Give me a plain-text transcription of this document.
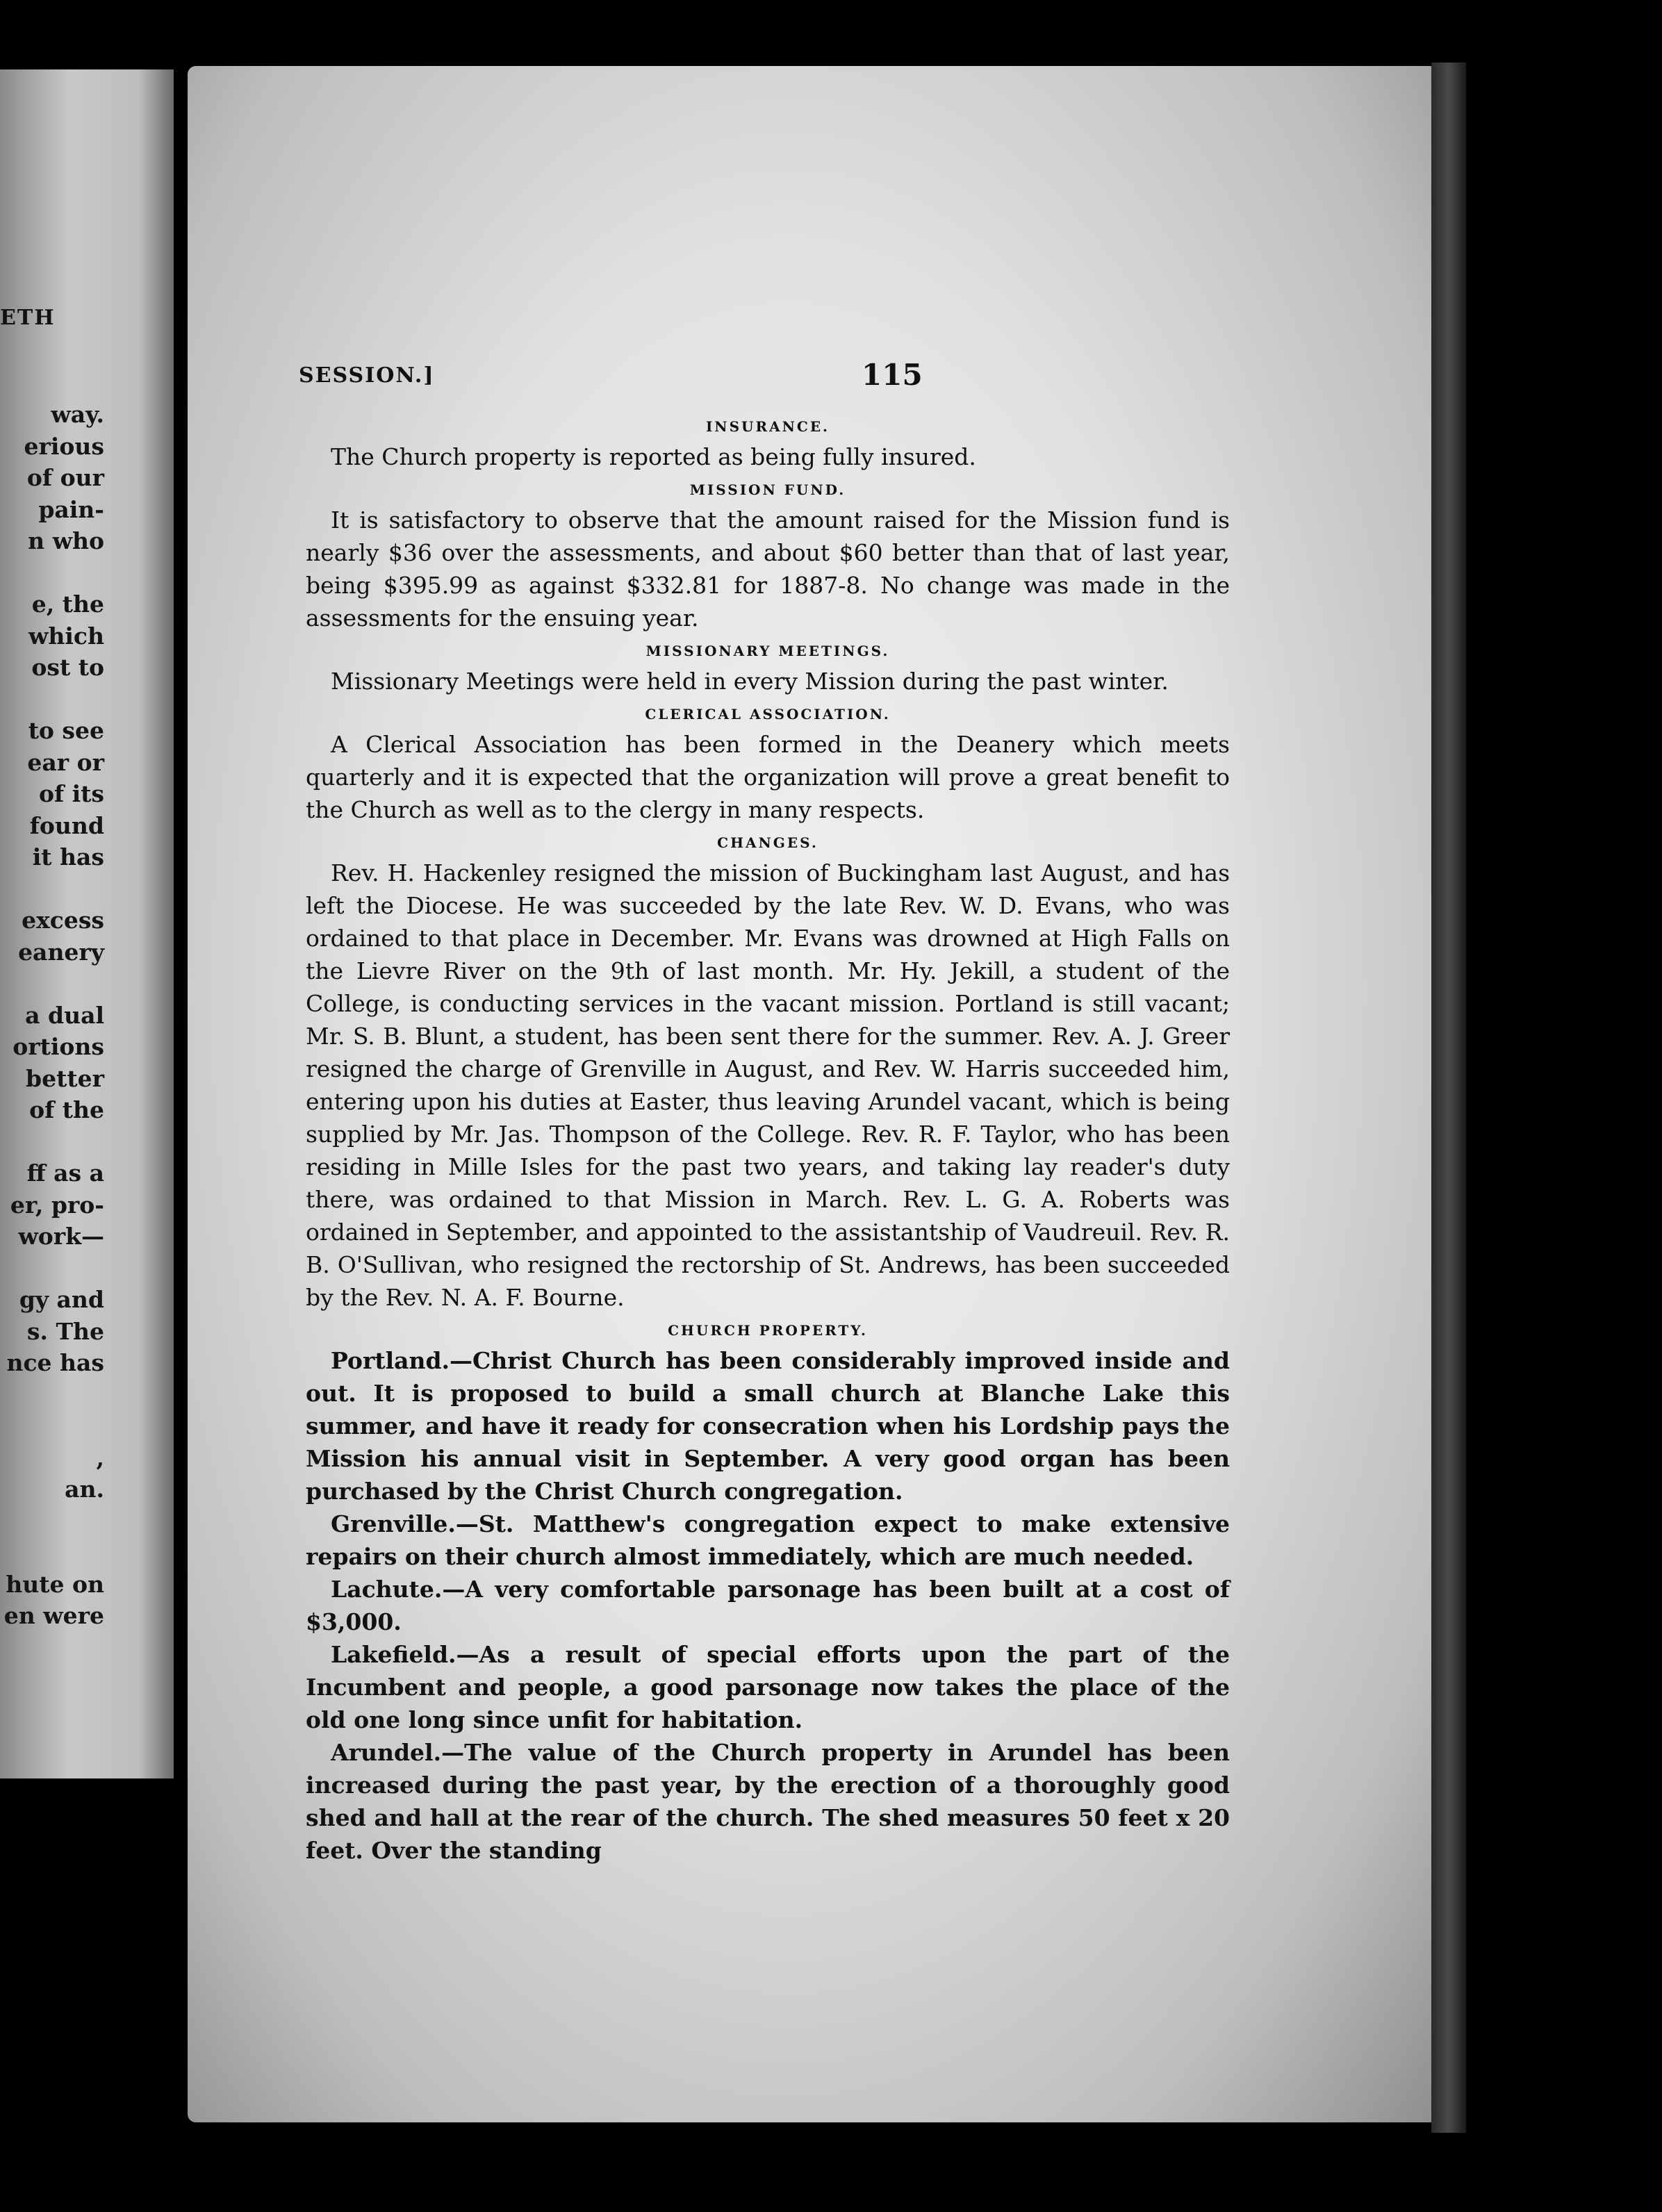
ETH
way.
erious
of our
pain-
n who
e, the
which
ost to
to see
ear or
of its
found
it has
excess
eanery
a dual
ortions
better
of the
ff as a
er, pro-
work—
gy and
s. The
nce has
,
an.
hute on
en were
SESSION.]	115
INSURANCE.

The Church property is reported as being fully insured.

MISSION FUND.

It is satisfactory to observe that the amount raised for the Mission fund is nearly $36 over the assessments, and about $60 better than that of last year, being $395.99 as against $332.81 for 1887-8. No change was made in the assessments for the ensuing year.

MISSIONARY MEETINGS.

Missionary Meetings were held in every Mission during the past winter.

CLERICAL ASSOCIATION.

A Clerical Association has been formed in the Deanery which meets quarterly and it is expected that the organization will prove a great benefit to the Church as well as to the clergy in many respects.

CHANGES.

Rev. H. Hackenley resigned the mission of Buckingham last August, and has left the Diocese. He was succeeded by the late Rev. W. D. Evans, who was ordained to that place in December. Mr. Evans was drowned at High Falls on the Lievre River on the 9th of last month. Mr. Hy. Jekill, a student of the College, is conducting services in the vacant mission. Portland is still vacant; Mr. S. B. Blunt, a student, has been sent there for the summer. Rev. A. J. Greer resigned the charge of Grenville in August, and Rev. W. Harris succeeded him, entering upon his duties at Easter, thus leaving Arundel vacant, which is being supplied by Mr. Jas. Thompson of the College. Rev. R. F. Taylor, who has been residing in Mille Isles for the past two years, and taking lay reader's duty there, was ordained to that Mission in March. Rev. L. G. A. Roberts was ordained in September, and appointed to the assistantship of Vaudreuil. Rev. R. B. O'Sullivan, who resigned the rectorship of St. Andrews, has been succeeded by the Rev. N. A. F. Bourne.

CHURCH PROPERTY.

Portland.—Christ Church has been considerably improved inside and out. It is proposed to build a small church at Blanche Lake this summer, and have it ready for consecration when his Lordship pays the Mission his annual visit in September. A very good organ has been purchased by the Christ Church congregation.

Grenville.—St. Matthew's congregation expect to make extensive repairs on their church almost immediately, which are much needed.

Lachute.—A very comfortable parsonage has been built at a cost of $3,000.

Lakefield.—As a result of special efforts upon the part of the Incumbent and people, a good parsonage now takes the place of the old one long since unfit for habitation.

Arundel.—The value of the Church property in Arundel has been increased during the past year, by the erection of a thoroughly good shed and hall at the rear of the church. The shed measures 50 feet x 20 feet. Over the standing
